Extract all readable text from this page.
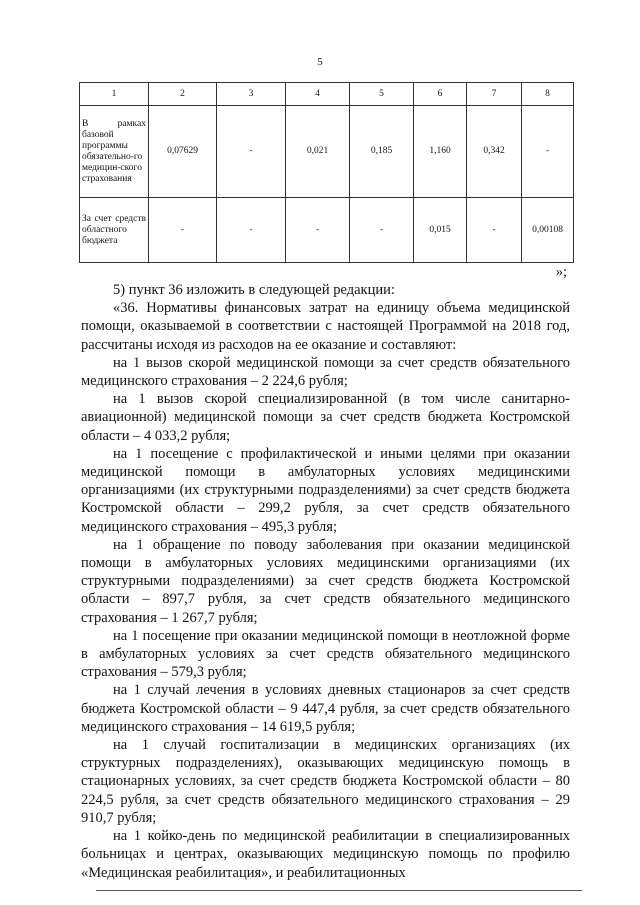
5
1	2	3	4	5	6	7	8
В рамках базовой программы обязательно-го медицин-ского страхования	0,07629	-	0,021	0,185	1,160	0,342	-
За счет средств областного бюджета	-	-	-	-	0,015	-	0,00108
»;

5) пункт 36 изложить в следующей редакции:

«36. Нормативы финансовых затрат на единицу объема медицинской помощи, оказываемой в соответствии с настоящей Программой на 2018 год, рассчитаны исходя из расходов на ее оказание и составляют:

на 1 вызов скорой медицинской помощи за счет средств обязательного медицинского страхования – 2 224,6 рубля;

на 1 вызов скорой специализированной (в том числе санитарно-авиационной) медицинской помощи за счет средств бюджета Костромской области – 4 033,2 рубля;

на 1 посещение с профилактической и иными целями при оказании медицинской помощи в амбулаторных условиях медицинскими организациями (их структурными подразделениями) за счет средств бюджета Костромской области – 299,2 рубля, за счет средств обязательного медицинского страхования – 495,3 рубля;

на 1 обращение по поводу заболевания при оказании медицинской помощи в амбулаторных условиях медицинскими организациями (их структурными подразделениями) за счет средств бюджета Костромской области – 897,7 рубля, за счет средств обязательного медицинского страхования – 1 267,7 рубля;

на 1 посещение при оказании медицинской помощи в неотложной форме в амбулаторных условиях за счет средств обязательного медицинского страхования – 579,3 рубля;

на 1 случай лечения в условиях дневных стационаров за счет средств бюджета Костромской области – 9 447,4 рубля, за счет средств обязательного медицинского страхования – 14 619,5 рубля;

на 1 случай госпитализации в медицинских организациях (их структурных подразделениях), оказывающих медицинскую помощь в стационарных условиях, за счет средств бюджета Костромской области – 80 224,5 рубля, за счет средств обязательного медицинского страхования – 29 910,7 рубля;

на 1 койко-день по медицинской реабилитации в специализированных больницах и центрах, оказывающих медицинскую помощь по профилю «Медицинская реабилитация», и реабилитационных
